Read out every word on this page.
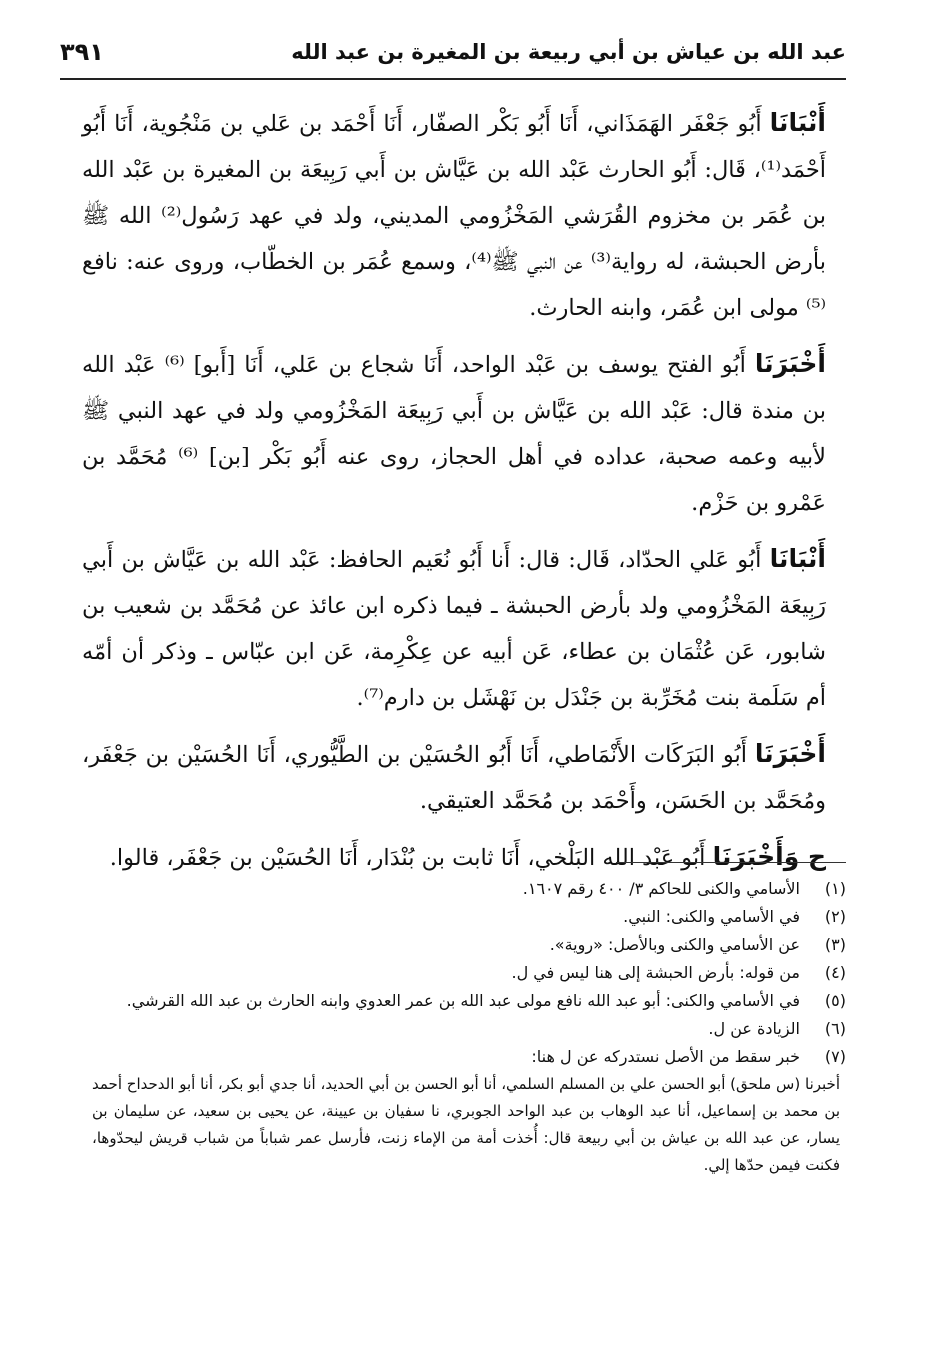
عبد الله بن عياش بن أبي ربيعة بن المغيرة بن عبد الله
٣٩١

أَنْبَانَا أَبُو جَعْفَر الهَمَذَاني، أَنَا أَبُو بَكْر الصفّار، أَنَا أَحْمَد بن عَلي بن مَنْجُوية، أَنَا أَبُو أَحْمَد⁽¹⁾، قَال: أَبُو الحارث عَبْد الله بن عَيَّاش بن أَبي رَبِيعَة بن المغيرة بن عَبْد الله بن عُمَر بن مخزوم القُرَشي المَخْزُومي المديني، ولد في عهد رَسُول⁽²⁾ الله ﷺ بأرض الحبشة، له رواية⁽³⁾ عن النبي ﷺ⁽⁴⁾، وسمع عُمَر بن الخطّاب، وروى عنه: نافع ⁽⁵⁾ مولى ابن عُمَر، وابنه الحارث.

أَخْبَرَنَا أَبُو الفتح يوسف بن عَبْد الواحد، أَنَا شجاع بن عَلي، أَنَا [أَبو] ⁽⁶⁾ عَبْد الله بن مندة قال: عَبْد الله بن عَيَّاش بن أَبي رَبِيعَة المَخْزُومي ولد في عهد النبي ﷺ لأبيه وعمه صحبة، عداده في أهل الحجاز، روى عنه أَبُو بَكْر [بن] ⁽⁶⁾ مُحَمَّد بن عَمْرو بن حَزْم.

أَنْبَانَا أَبُو عَلي الحدّاد، قَال: قال: أَنا أَبُو نُعَيم الحافظ: عَبْد الله بن عَيَّاش بن أَبي رَبِيعَة المَخْزُومي ولد بأرض الحبشة ـ فيما ذكره ابن عائذ عن مُحَمَّد بن شعيب بن شابور، عَن عُثْمَان بن عطاء، عَن أبيه عن عِكْرِمة، عَن ابن عبّاس ـ وذكر أن أمّه أم سَلَمة بنت مُخَرِّبة بن جَنْدَل بن نَهْشَل بن دارم⁽⁷⁾.

أَخْبَرَنَا أَبُو البَرَكَات الأَنْمَاطي، أَنَا أَبُو الحُسَيْن بن الطَّيُّوري، أَنَا الحُسَيْن بن جَعْفَر، ومُحَمَّد بن الحَسَن، وأَحْمَد بن مُحَمَّد العتيقي.

ح وَأَخْبَرَنَا أَبُو عَبْد الله البَلْخي، أَنَا ثابت بن بُنْدَار، أَنَا الحُسَيْن بن جَعْفَر، قالوا.

(١)
الأسامي والكنى للحاكم ٣/ ٤٠٠ رقم ١٦٠٧.
(٢)
في الأسامي والكنى: النبي.
(٣)
عن الأسامي والكنى وبالأصل: «روية».
(٤)
من قوله: بأرض الحبشة إلى هنا ليس في ل.
(٥)
في الأسامي والكنى: أبو عبد الله نافع مولى عبد الله بن عمر العدوي وابنه الحارث بن عبد الله القرشي.
(٦)
الزيادة عن ل.
(٧)
خبر سقط من الأصل نستدركه عن ل هنا:
أخبرنا (س ملحق) أبو الحسن علي بن المسلم السلمي، أنا أبو الحسن بن أبي الحديد، أنا جدي أبو بكر، أنا أبو الدحداح أحمد بن محمد بن إسماعيل، أنا عبد الوهاب بن عبد الواحد الجوبري، نا سفيان بن عيينة، عن يحيى بن سعيد، عن سليمان بن يسار، عن عبد الله بن عياش بن أبي ربيعة قال: أُخذت أمة من الإماء زنت، فأرسل عمر شباباً من شباب قريش ليحدّوها، فكنت فيمن حدّها إلي.
